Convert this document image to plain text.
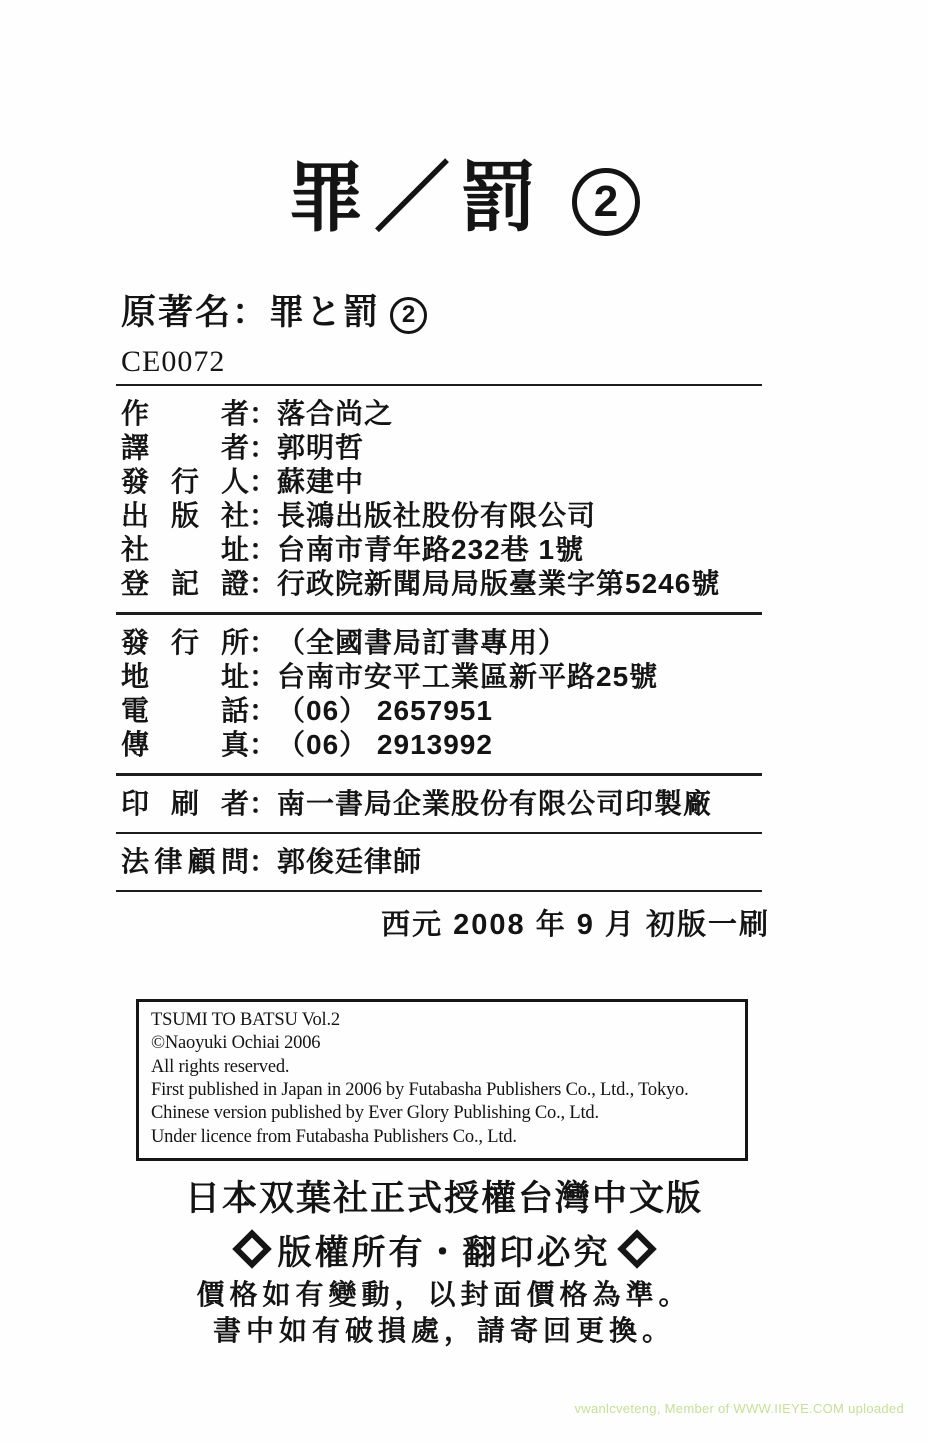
罪／罰 2
原著名：罪と罰 2
CE0072
作者 ： 落合尚之
譯者 ： 郭明哲
發行人 ： 蘇建中
出版社 ： 長鴻出版社股份有限公司
社址 ： 台南市青年路232巷 1號
登記證 ： 行政院新聞局局版臺業字第5246號
發行所 ： （全國書局訂書專用）
地址 ： 台南市安平工業區新平路25號
電話 ： （06） 2657951
傳真 ： （06） 2913992
印刷者 ： 南一書局企業股份有限公司印製廠
法律顧問 ： 郭俊廷律師
西元 2008 年 9 月 初版一刷
TSUMI TO BATSU Vol.2
©Naoyuki Ochiai 2006
All rights reserved.
First published in Japan in 2006 by Futabasha Publishers Co., Ltd., Tokyo.
Chinese version published by Ever Glory Publishing Co., Ltd.
Under licence from Futabasha Publishers Co., Ltd.
日本双葉社正式授權台灣中文版
版權所有・翻印必究
價格如有變動，以封面價格為準。
書中如有破損處，請寄回更換。
vwanlcveteng, Member of WWW.IIEYE.COM uploaded
